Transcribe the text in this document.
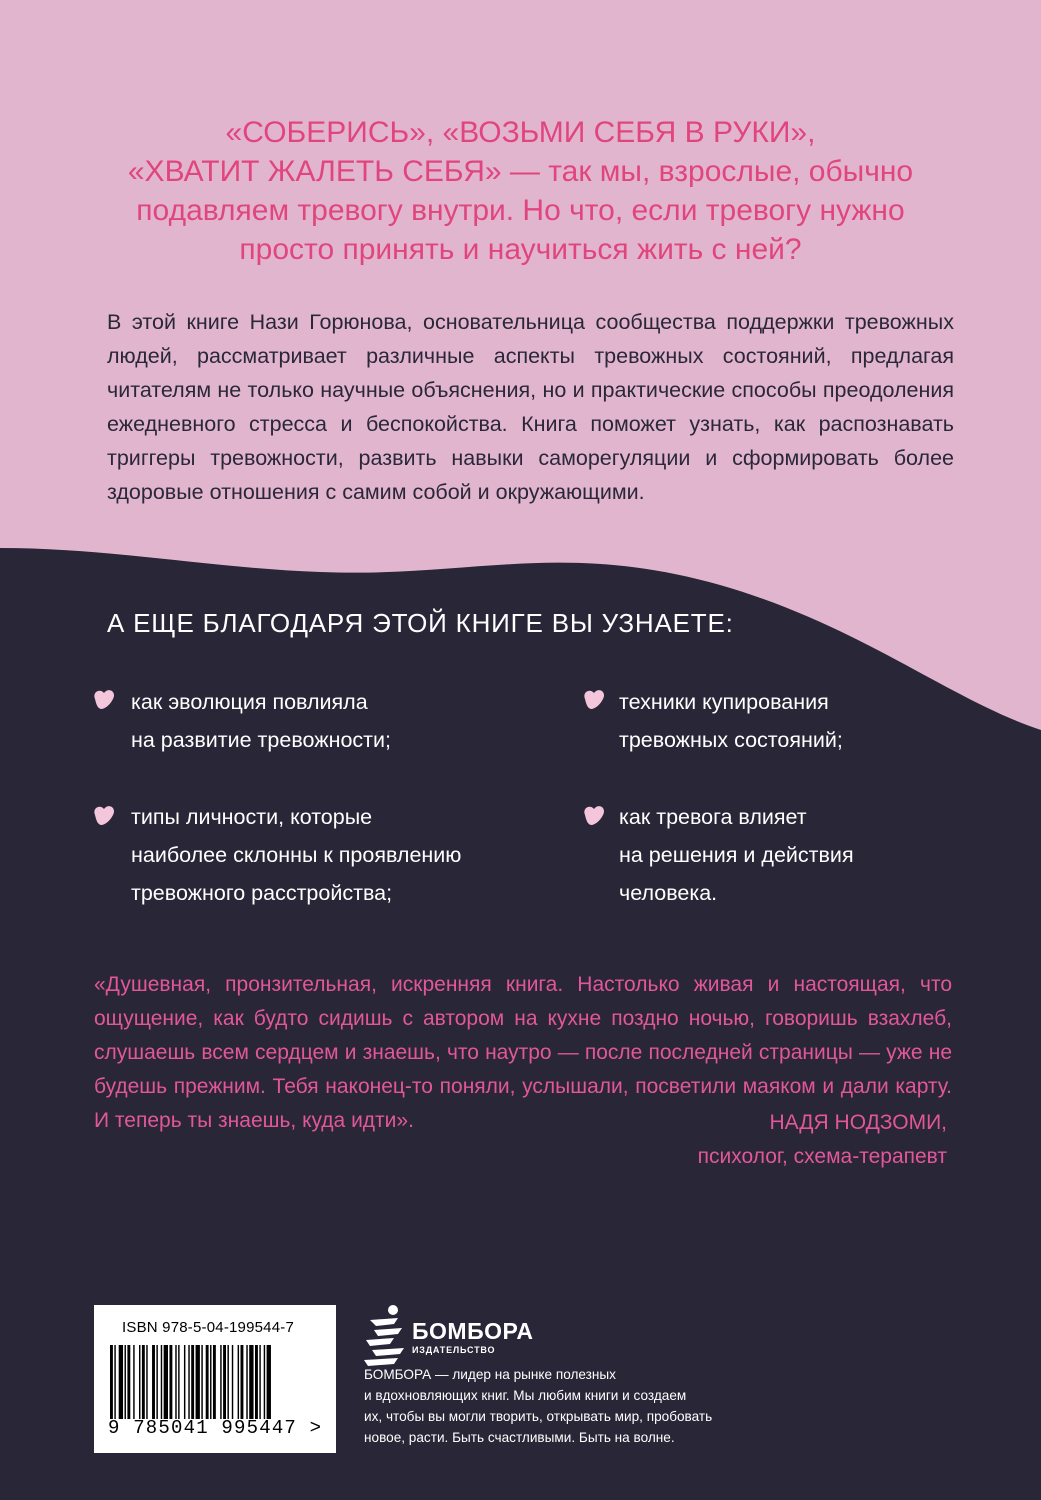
«СОБЕРИСЬ», «ВОЗЬМИ СЕБЯ В РУКИ»,
«ХВАТИТ ЖАЛЕТЬ СЕБЯ» — так мы, взрослые, обычно
подавляем тревогу внутри. Но что, если тревогу нужно
просто принять и научиться жить с ней?

В этой книге Нази Горюнова, основательница сообщества поддержки тревожных людей, рассматривает различные аспекты тревожных состояний, предлагая читателям не только научные объяснения, но и практические способы преодоления ежедневного стресса и беспокойства. Книга поможет узнать, как распознавать триггеры тревожности, развить навыки саморегуляции и сформировать более здоровые отношения с самим собой и окружающими.

А ЕЩЕ БЛАГОДАРЯ ЭТОЙ КНИГЕ ВЫ УЗНАЕТЕ:
как эволюция повлияла
на развитие тревожности;
техники купирования
тревожных состояний;
типы личности, которые
наиболее склонны к проявлению
тревожного расстройства;
как тревога влияет
на решения и действия
человека.

«Душевная, пронзительная, искренняя книга. Настолько живая и настоящая, что ощущение, как будто сидишь с автором на кухне поздно ночью, говоришь взахлеб, слушаешь всем сердцем и знаешь, что наутро — после последней страницы — уже не будешь прежним. Тебя наконец-то поняли, услышали, посветили маяком и дали карту. И теперь ты знаешь, куда идти».	НАДЯ НОДЗОМИ,
психолог, схема-терапевт
ISBN 978-5-04-199544-7
9 785041 995447 >
БОМБОРА
ИЗДАТЕЛЬСТВО

БОМБОРА — лидер на рынке полезных
и вдохновляющих книг. Мы любим книги и создаем
их, чтобы вы могли творить, открывать мир, пробовать
новое, расти. Быть счастливыми. Быть на волне.
